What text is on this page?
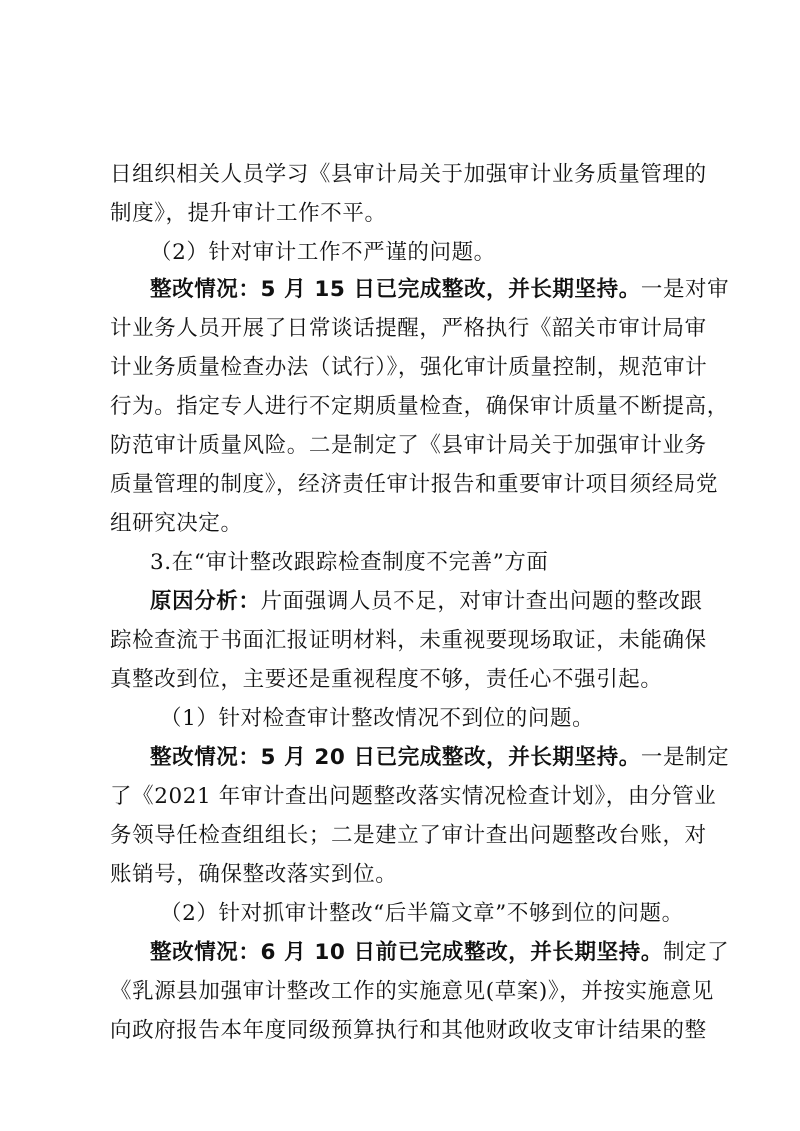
日组织相关人员学习《县审计局关于加强审计业务质量管理的
制度》，提升审计工作不平。
（2）针对审计工作不严谨的问题。
整改情况：5 月 15 日已完成整改，并长期坚持。一是对审
计业务人员开展了日常谈话提醒，严格执行《韶关市审计局审
计业务质量检查办法（试行）》，强化审计质量控制，规范审计
行为。指定专人进行不定期质量检查，确保审计质量不断提高，
防范审计质量风险。二是制定了《县审计局关于加强审计业务
质量管理的制度》，经济责任审计报告和重要审计项目须经局党
组研究决定。
3.在“审计整改跟踪检查制度不完善”方面
原因分析：片面强调人员不足，对审计查出问题的整改跟
踪检查流于书面汇报证明材料，未重视要现场取证，未能确保
真整改到位，主要还是重视程度不够，责任心不强引起。
（1）针对检查审计整改情况不到位的问题。
整改情况：5 月 20 日已完成整改，并长期坚持。一是制定
了《2021 年审计查出问题整改落实情况检查计划》，由分管业
务领导任检查组组长；二是建立了审计查出问题整改台账，对
账销号，确保整改落实到位。
（2）针对抓审计整改“后半篇文章”不够到位的问题。
整改情况：6 月 10 日前已完成整改，并长期坚持。制定了
《乳源县加强审计整改工作的实施意见(草案)》，并按实施意见
向政府报告本年度同级预算执行和其他财政收支审计结果的整
